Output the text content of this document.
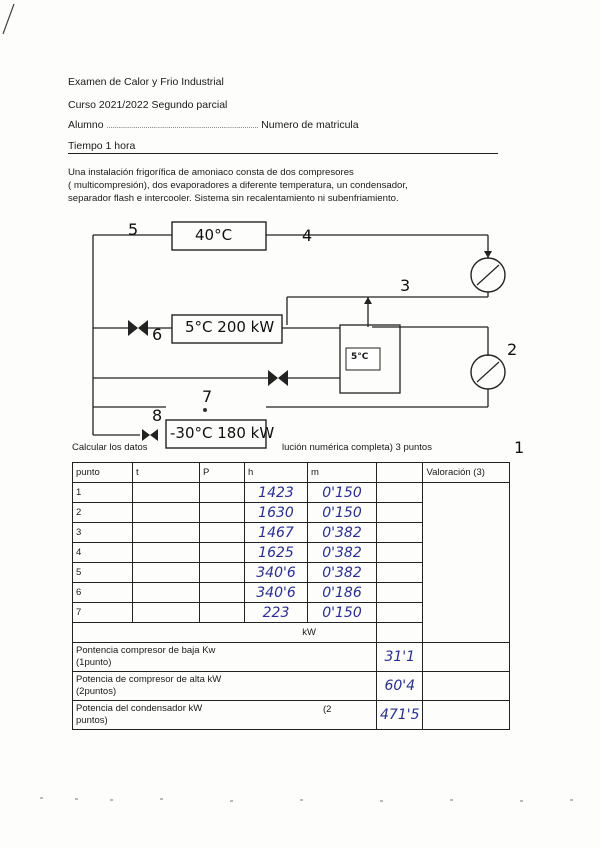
Examen de Calor y Frio Industrial
Curso 2021/2022 Segundo parcial
Alumno .............................................................................. Numero de matricula
Tiempo 1 hora
Una instalación frigorífica de amoniaco consta de dos compresores
( multicompresión), dos evaporadores a diferente temperatura, un condensador,
separador flash e intercooler. Sistema sin recalentamiento ni subenfriamiento.
40°C
5°C 200 kW
-30°C 180 kW
5°C
1
2
3
4
5
6
7
8
Calcular los datos	lución numérica completa) 3 puntos
punto	t	P	h	m		Valoración (3)
1			1423	0'150		
2			1630	0'150		
3			1467	0'382		
4			1625	0'382		
5			340'6	0'382		
6			340'6	0'186		
7			223	0'150		
kW						
Pontencia compresor de baja Kw
(1punto)					31'1	
Potencia de compresor de alta kW
(2puntos)					60'4	
Potencia del condensador kW (2

puntos)					471'5	
